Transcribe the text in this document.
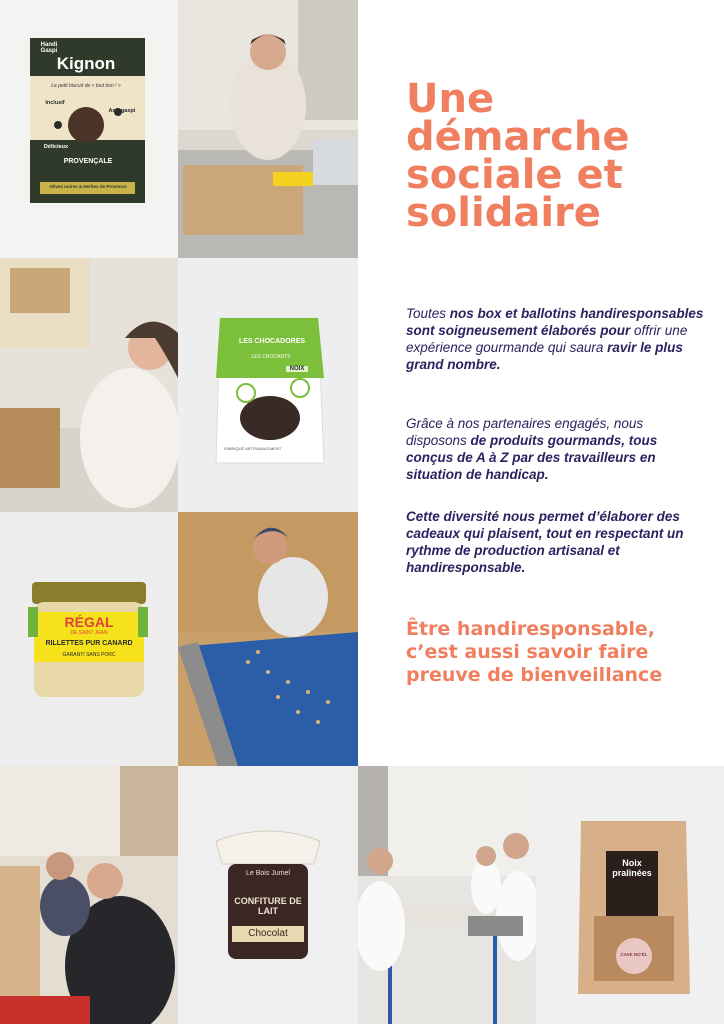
Handi Gaspi
Kignon
Le petit biscuit de « tout bon ! »
Inclusif
Anti-gaspi
Délicieux
PROVENÇALE
Olives noires & Herbes de Provence
LES CHOCADORES
LES CROCANTS
NOIX
FABRIQUÉ ARTISANALEMENT
Une
démarche
sociale et
solidaire

Toutes nos box et ballotins handiresponsables sont soigneusement élaborés pour offrir une expérience gourmande qui saura ravir le plus grand nombre.

Grâce à nos partenaires engagés, nous disposons de produits gourmands, tous conçus de A à Z par des travailleurs en situation de handicap.

Cette diversité nous permet d’élaborer des cadeaux qui plaisent, tout en respectant un rythme de production artisanal et handiresponsable.

Être handiresponsable,
c’est aussi savoir faire
preuve de bienveillance
RÉGAL
DE SAINT JEAN
RILLETTES PUR CANARD
GARANTI SANS PORC
Le Bois Jumel
CONFITURE DE LAIT
Chocolat
Noix pralinées
CAVE NO'ÉL
